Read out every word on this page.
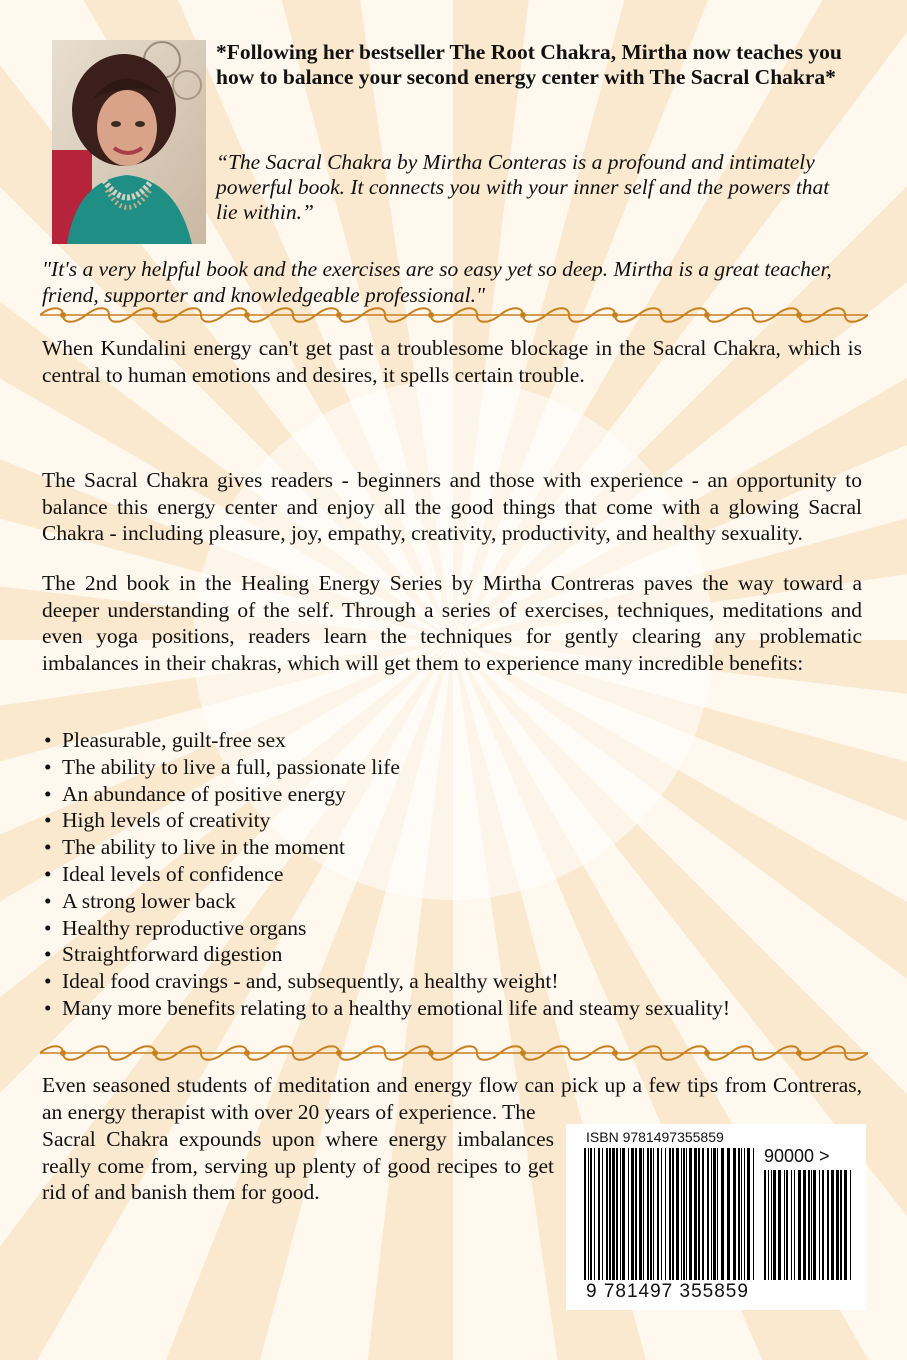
*Following her bestseller The Root Chakra, Mirtha now teaches you how to balance your second energy center with The Sacral Chakra*

“The Sacral Chakra by Mirtha Conteras is a profound and intimately powerful book. It connects you with your inner self and the powers that lie within.”

"It's a very helpful book and the exercises are so easy yet so deep. Mirtha is a great teacher, friend, supporter and knowledgeable professional."

When Kundalini energy can't get past a troublesome blockage in the Sacral Chakra, which is central to human emotions and desires, it spells certain trouble.

The Sacral Chakra gives readers - beginners and those with experience - an opportunity to balance this energy center and enjoy all the good things that come with a glowing Sacral Chakra - including pleasure, joy, empathy, creativity, productivity, and healthy sexuality.

The 2nd book in the Healing Energy Series by Mirtha Contreras paves the way toward a deeper understanding of the self. Through a series of exercises, techniques, meditations and even yoga positions, readers learn the techniques for gently clearing any problematic imbalances in their chakras, which will get them to experience many incredible benefits:

• Pleasurable, guilt-free sex
• The ability to live a full, passionate life
• An abundance of positive energy
• High levels of creativity
• The ability to live in the moment
• Ideal levels of confidence
• A strong lower back
• Healthy reproductive organs
• Straightforward digestion
• Ideal food cravings - and, subsequently, a healthy weight!
• Many more benefits relating to a healthy emotional life and steamy sexuality!

Even seasoned students of meditation and energy flow can pick up a few tips from Contreras, an energy therapist with over 20 years of experience. The

Sacral Chakra expounds upon where energy imbalances really come from, serving up plenty of good recipes to get rid of and banish them for good.

ISBN 9781497355859
90000 >
9 781497 355859
